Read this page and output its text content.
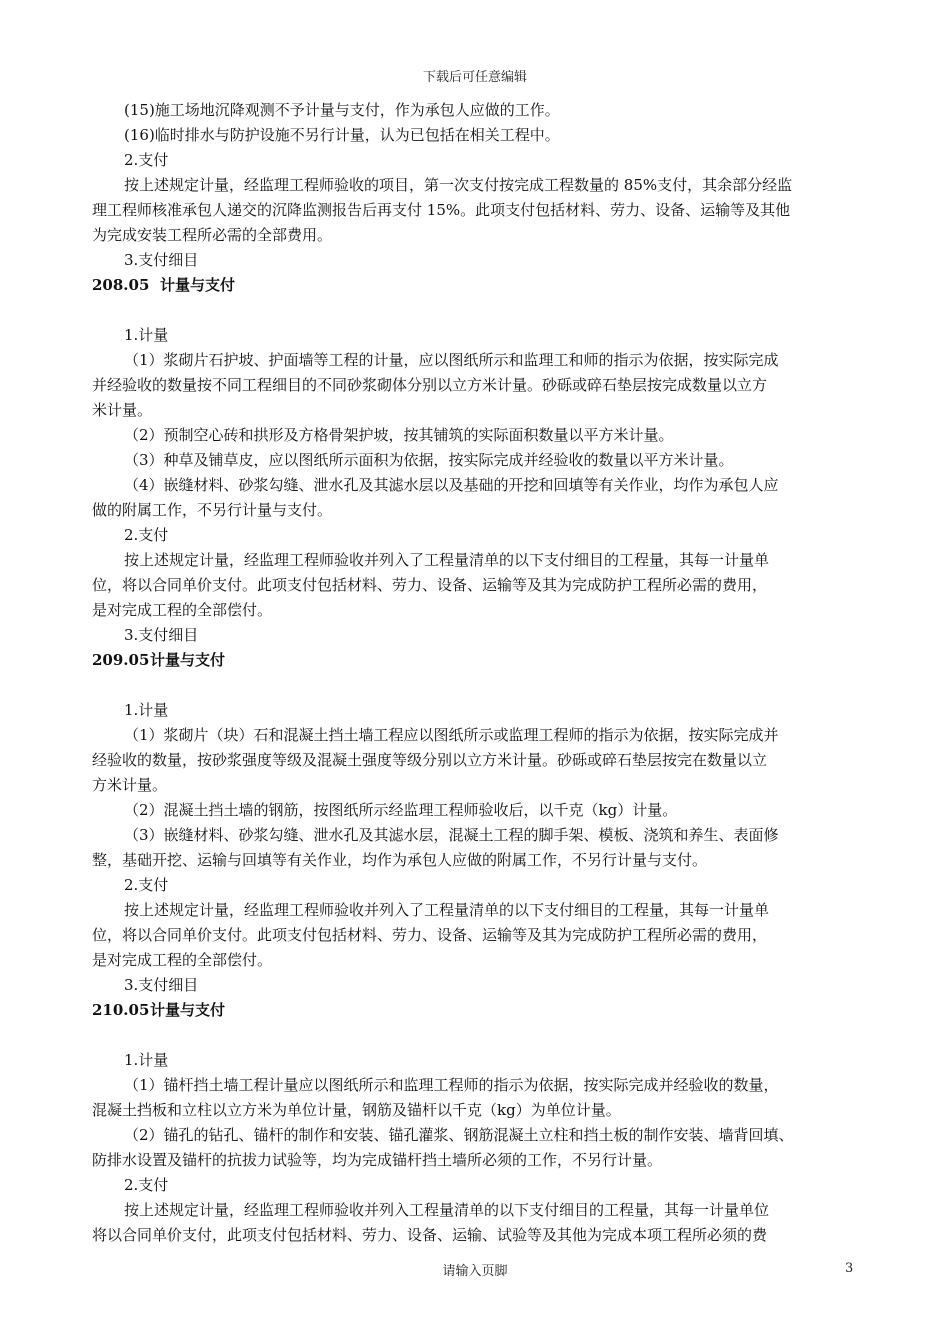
下载后可任意编辑
(15)施工场地沉降观测不予计量与支付，作为承包人应做的工作。
(16)临时排水与防护设施不另行计量，认为已包括在相关工程中。
2.支付
按上述规定计量，经监理工程师验收的项目，第一次支付按完成工程数量的 85%支付，其余部分经监
理工程师核准承包人递交的沉降监测报告后再支付 15%。此项支付包括材料、劳力、设备、运输等及其他
为完成安装工程所必需的全部费用。
3.支付细目
208.05 计量与支付
1.计量
（1）浆砌片石护坡、护面墙等工程的计量，应以图纸所示和监理工和师的指示为依据，按实际完成
并经验收的数量按不同工程细目的不同砂浆砌体分别以立方米计量。砂砾或碎石垫层按完成数量以立方
米计量。
（2）预制空心砖和拱形及方格骨架护坡，按其铺筑的实际面积数量以平方米计量。
（3）种草及铺草皮，应以图纸所示面积为依据，按实际完成并经验收的数量以平方米计量。
（4）嵌缝材料、砂浆勾缝、泄水孔及其滤水层以及基础的开挖和回填等有关作业，均作为承包人应
做的附属工作，不另行计量与支付。
2.支付
按上述规定计量，经监理工程师验收并列入了工程量清单的以下支付细目的工程量，其每一计量单
位，将以合同单价支付。此项支付包括材料、劳力、设备、运输等及其为完成防护工程所必需的费用，
是对完成工程的全部偿付。
3.支付细目
209.05计量与支付
1.计量
（1）浆砌片（块）石和混凝土挡土墙工程应以图纸所示或监理工程师的指示为依据，按实际完成并
经验收的数量，按砂浆强度等级及混凝土强度等级分别以立方米计量。砂砾或碎石垫层按完在数量以立
方米计量。
（2）混凝土挡土墙的钢筋，按图纸所示经监理工程师验收后，以千克（kg）计量。
（3）嵌缝材料、砂浆勾缝、泄水孔及其滤水层，混凝土工程的脚手架、模板、浇筑和养生、表面修
整，基础开挖、运输与回填等有关作业，均作为承包人应做的附属工作，不另行计量与支付。
2.支付
按上述规定计量，经监理工程师验收并列入了工程量清单的以下支付细目的工程量，其每一计量单
位，将以合同单价支付。此项支付包括材料、劳力、设备、运输等及其为完成防护工程所必需的费用，
是对完成工程的全部偿付。
3.支付细目
210.05计量与支付
1.计量
（1）锚杆挡土墙工程计量应以图纸所示和监理工程师的指示为依据，按实际完成并经验收的数量，
混凝土挡板和立柱以立方米为单位计量，钢筋及锚杆以千克（kg）为单位计量。
（2）锚孔的钻孔、锚杆的制作和安装、锚孔灌浆、钢筋混凝土立柱和挡土板的制作安装、墙背回填、
防排水设置及锚杆的抗拔力试验等，均为完成锚杆挡土墙所必须的工作，不另行计量。
2.支付
按上述规定计量，经监理工程师验收并列入工程量清单的以下支付细目的工程量，其每一计量单位
将以合同单价支付，此项支付包括材料、劳力、设备、运输、试验等及其他为完成本项工程所必须的费
请输入页脚	3
